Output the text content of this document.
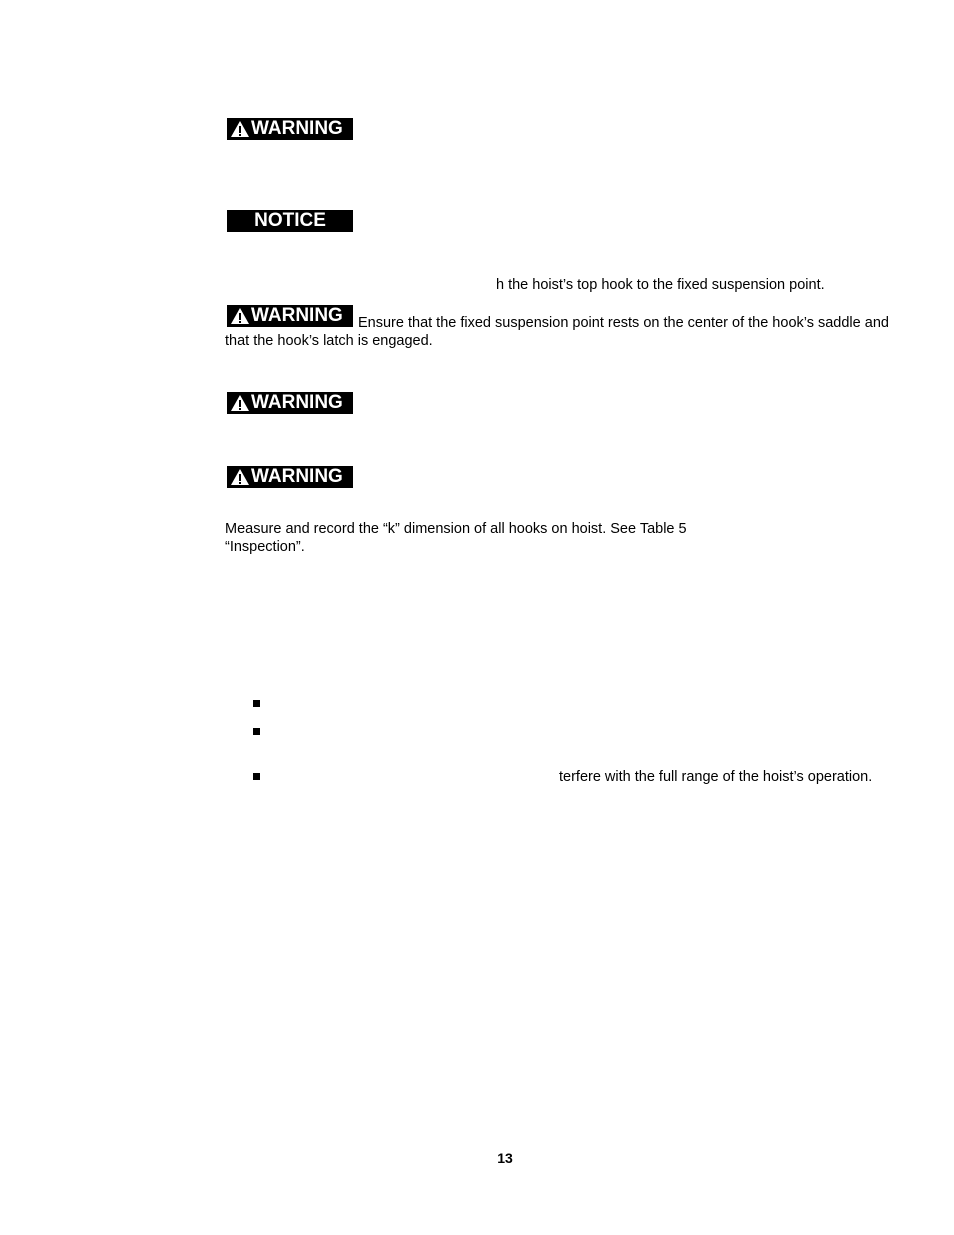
WARNING
NOTICE
h the hoist’s top hook to the fixed suspension point.
WARNING Ensure that the fixed suspension point rests on the center of the hook’s saddle and
that the hook’s latch is engaged.
WARNING
WARNING
Measure and record the “k” dimension of all hooks on hoist. See Table 5
“Inspection”.
terfere with the full range of the hoist’s operation.
13
